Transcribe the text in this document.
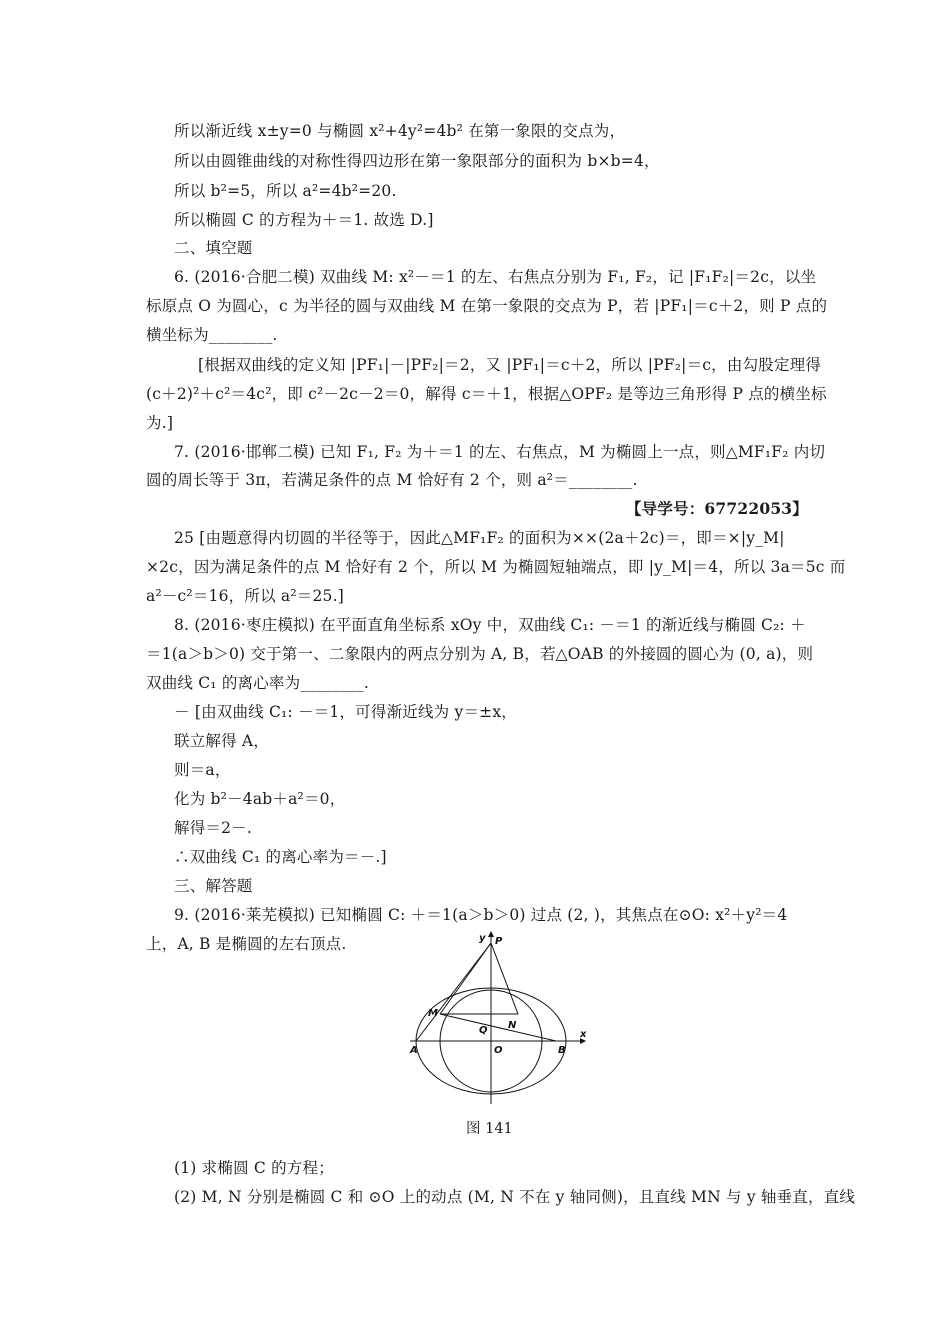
所以渐近线 x±y=0 与椭圆 x²+4y²=4b² 在第一象限的交点为，
所以由圆锥曲线的对称性得四边形在第一象限部分的面积为 b×b=4，
所以 b²=5，所以 a²=4b²=20.
所以椭圆 C 的方程为＋＝1. 故选 D.]
二、填空题
6. (2016·合肥二模) 双曲线 M: x²－＝1 的左、右焦点分别为 F₁, F₂，记 |F₁F₂|＝2c，以坐
标原点 O 为圆心，c 为半径的圆与双曲线 M 在第一象限的交点为 P，若 |PF₁|＝c＋2，则 P 点的
横坐标为________.
[根据双曲线的定义知 |PF₁|－|PF₂|＝2，又 |PF₁|＝c＋2，所以 |PF₂|＝c，由勾股定理得
(c＋2)²＋c²＝4c²，即 c²－2c－2＝0，解得 c＝＋1，根据△OPF₂ 是等边三角形得 P 点的横坐标
为.]
7. (2016·邯郸二模) 已知 F₁, F₂ 为＋＝1 的左、右焦点，M 为椭圆上一点，则△MF₁F₂ 内切
圆的周长等于 3π，若满足条件的点 M 恰好有 2 个，则 a²＝________.
【导学号：67722053】
25 [由题意得内切圆的半径等于，因此△MF₁F₂ 的面积为××(2a＋2c)＝，即＝×|y_M|
×2c，因为满足条件的点 M 恰好有 2 个，所以 M 为椭圆短轴端点，即 |y_M|＝4，所以 3a＝5c 而
a²－c²＝16，所以 a²＝25.]
8. (2016·枣庄模拟) 在平面直角坐标系 xOy 中，双曲线 C₁: －＝1 的渐近线与椭圆 C₂: ＋
＝1(a＞b＞0) 交于第一、二象限内的两点分别为 A, B，若△OAB 的外接圆的圆心为 (0, a)，则
双曲线 C₁ 的离心率为________.
－ [由双曲线 C₁: －＝1，可得渐近线为 y＝±x，
联立解得 A，
则＝a，
化为 b²－4ab＋a²＝0，
解得＝2－.
∴双曲线 C₁ 的离心率为＝－.]
三、解答题
9. (2016·莱芜模拟) 已知椭圆 C: ＋＝1(a＞b＞0) 过点 (2, )，其焦点在⊙O: x²＋y²＝4
上，A, B 是椭圆的左右顶点.	y P
M
N
Q
A	O	B
x
图 141
(1) 求椭圆 C 的方程；
(2) M, N 分别是椭圆 C 和 ⊙O 上的动点 (M, N 不在 y 轴同侧)，且直线 MN 与 y 轴垂直，直线
